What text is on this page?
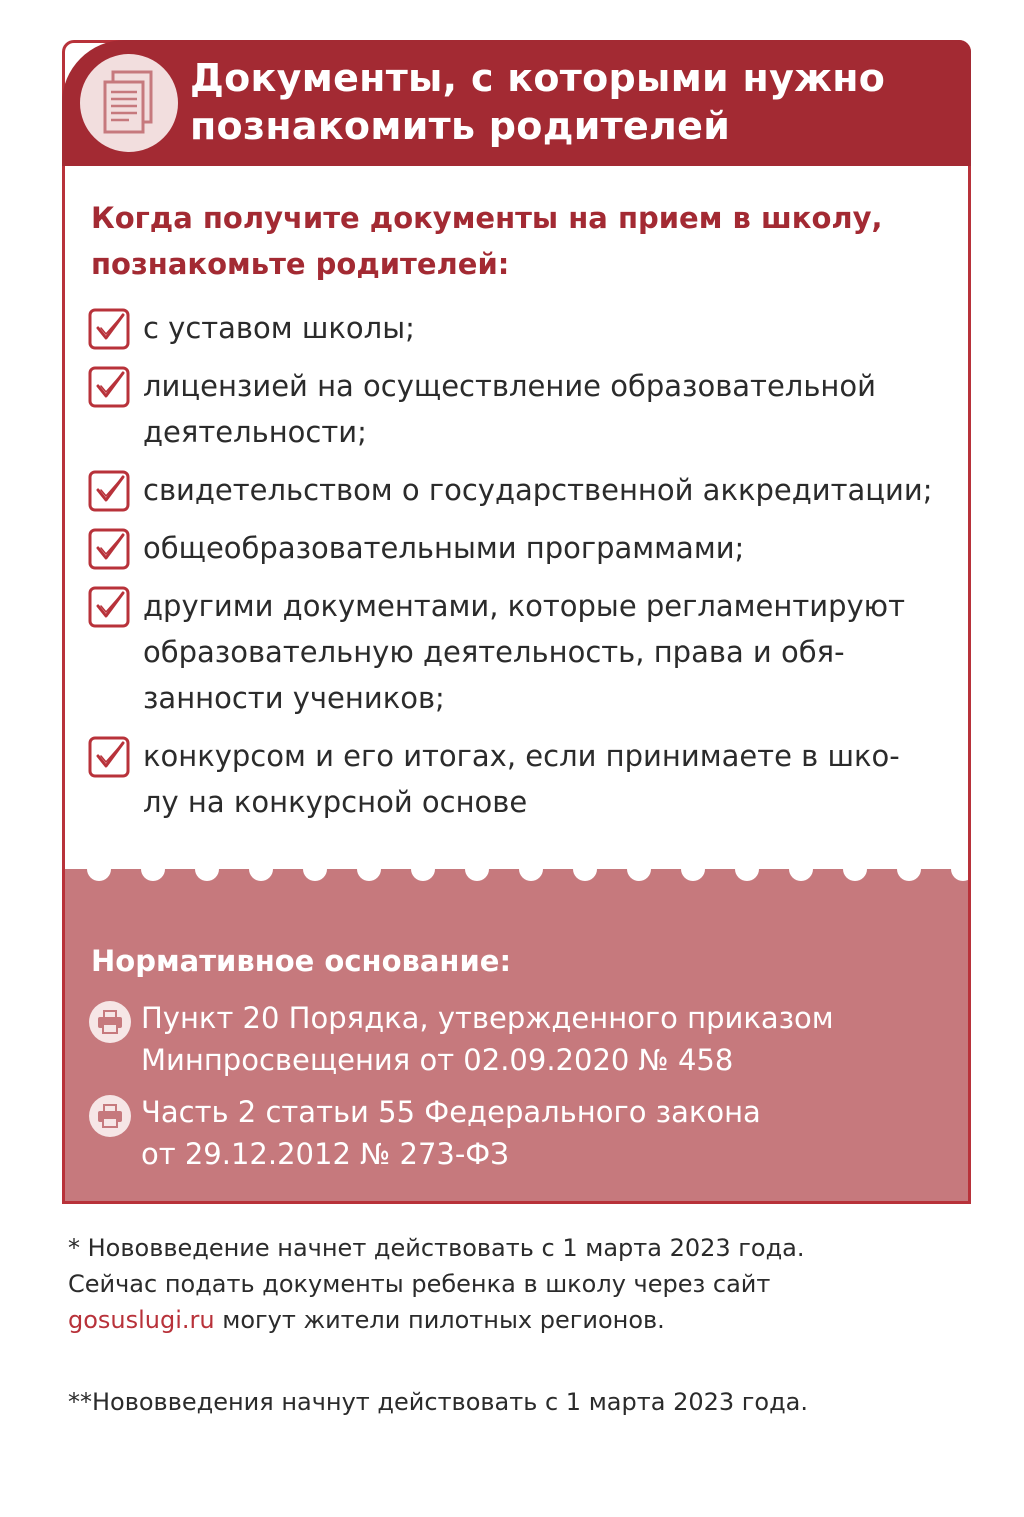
Документы, с которыми нужно
познакомить родителей
Когда получите документы на прием в школу,
познакомьте родителей:
с уставом школы;
лицензией на осуществление образовательной
деятельности;
свидетельством о государственной аккредитации;
общеобразовательными программами;
другими документами, которые регламентируют
образовательную деятельность, права и обя-
занности учеников;
конкурсом и его итогах, если принимаете в шко-
лу на конкурсной основе
Нормативное основание:
Пункт 20 Порядка, утвержденного приказом
Минпросвещения от 02.09.2020 № 458
Часть 2 статьи 55 Федерального закона
от 29.12.2012 № 273-ФЗ
* Нововведение начнет действовать с 1 марта 2023 года.
Сейчас подать документы ребенка в школу через сайт
gosuslugi.ru могут жители пилотных регионов.
**Нововведения начнут действовать с 1 марта 2023 года.
